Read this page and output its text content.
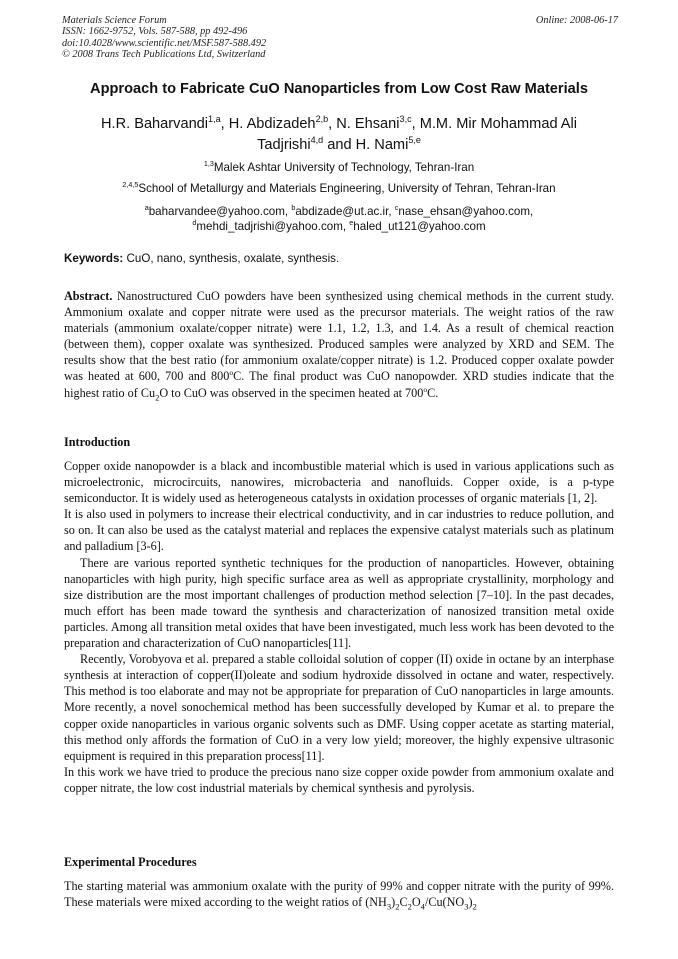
Materials Science Forum
ISSN: 1662-9752, Vols. 587-588, pp 492-496
doi:10.4028/www.scientific.net/MSF.587-588.492
© 2008 Trans Tech Publications Ltd, Switzerland
Online: 2008-06-17
Approach to Fabricate CuO Nanoparticles from Low Cost Raw Materials
H.R. Baharvandi$^{1,a}$, H. Abdizadeh$^{2,b}$, N. Ehsani$^{3,c}$, M.M. Mir Mohammad Ali
Tadjrishi$^{4,d}$ and H. Nami$^{5,e}$
$^{1,3}$Malek Ashtar University of Technology, Tehran-Iran
$^{2,4,5}$School of Metallurgy and Materials Engineering, University of Tehran, Tehran-Iran
$^a$baharvandee@yahoo.com, $^b$abdizade@ut.ac.ir, $^c$nase_ehsan@yahoo.com,
$^d$mehdi_tadjrishi@yahoo.com, $^e$haled_ut121@yahoo.com
Keywords: CuO, nano, synthesis, oxalate, synthesis.

Abstract. Nanostructured CuO powders have been synthesized using chemical methods in the current study. Ammonium oxalate and copper nitrate were used as the precursor materials. The weight ratios of the raw materials (ammonium oxalate/copper nitrate) were 1.1, 1.2, 1.3, and 1.4. As a result of chemical reaction (between them), copper oxalate was synthesized. Produced samples were analyzed by XRD and SEM. The results show that the best ratio (for ammonium oxalate/copper nitrate) is 1.2. Produced copper oxalate powder was heated at 600, 700 and 800$^o$C. The final product was CuO nanopowder. XRD studies indicate that the highest ratio of $Cu_2O$ to CuO was observed in the specimen heated at 700$^o$C.

Introduction

Copper oxide nanopowder is a black and incombustible material which is used in various applications such as microelectronic, microcircuits, nanowires, microbacteria and nanofluids. Copper oxide, is a p-type semiconductor. It is widely used as heterogeneous catalysts in oxidation processes of organic materials [1, 2].

It is also used in polymers to increase their electrical conductivity, and in car industries to reduce pollution, and so on. It can also be used as the catalyst material and replaces the expensive catalyst materials such as platinum and palladium [3-6].

There are various reported synthetic techniques for the production of nanoparticles. However, obtaining nanoparticles with high purity, high specific surface area as well as appropriate crystallinity, morphology and size distribution are the most important challenges of production method selection [7–10]. In the past decades, much effort has been made toward the synthesis and characterization of nanosized transition metal oxide particles. Among all transition metal oxides that have been investigated, much less work has been devoted to the preparation and characterization of CuO nanoparticles[11].

Recently, Vorobyova et al. prepared a stable colloidal solution of copper (II) oxide in octane by an interphase synthesis at interaction of copper(II)oleate and sodium hydroxide dissolved in octane and water, respectively. This method is too elaborate and may not be appropriate for preparation of CuO nanoparticles in large amounts. More recently, a novel sonochemical method has been successfully developed by Kumar et al. to prepare the copper oxide nanoparticles in various organic solvents such as DMF. Using copper acetate as starting material, this method only affords the formation of CuO in a very low yield; moreover, the highly expensive ultrasonic equipment is required in this preparation process[11].

In this work we have tried to produce the precious nano size copper oxide powder from ammonium oxalate and copper nitrate, the low cost industrial materials by chemical synthesis and pyrolysis.

Experimental Procedures

The starting material was ammonium oxalate with the purity of 99% and copper nitrate with the purity of 99%. These materials were mixed according to the weight ratios of $(NH_3)_2C_2O_4/Cu(NO_3)_2$
